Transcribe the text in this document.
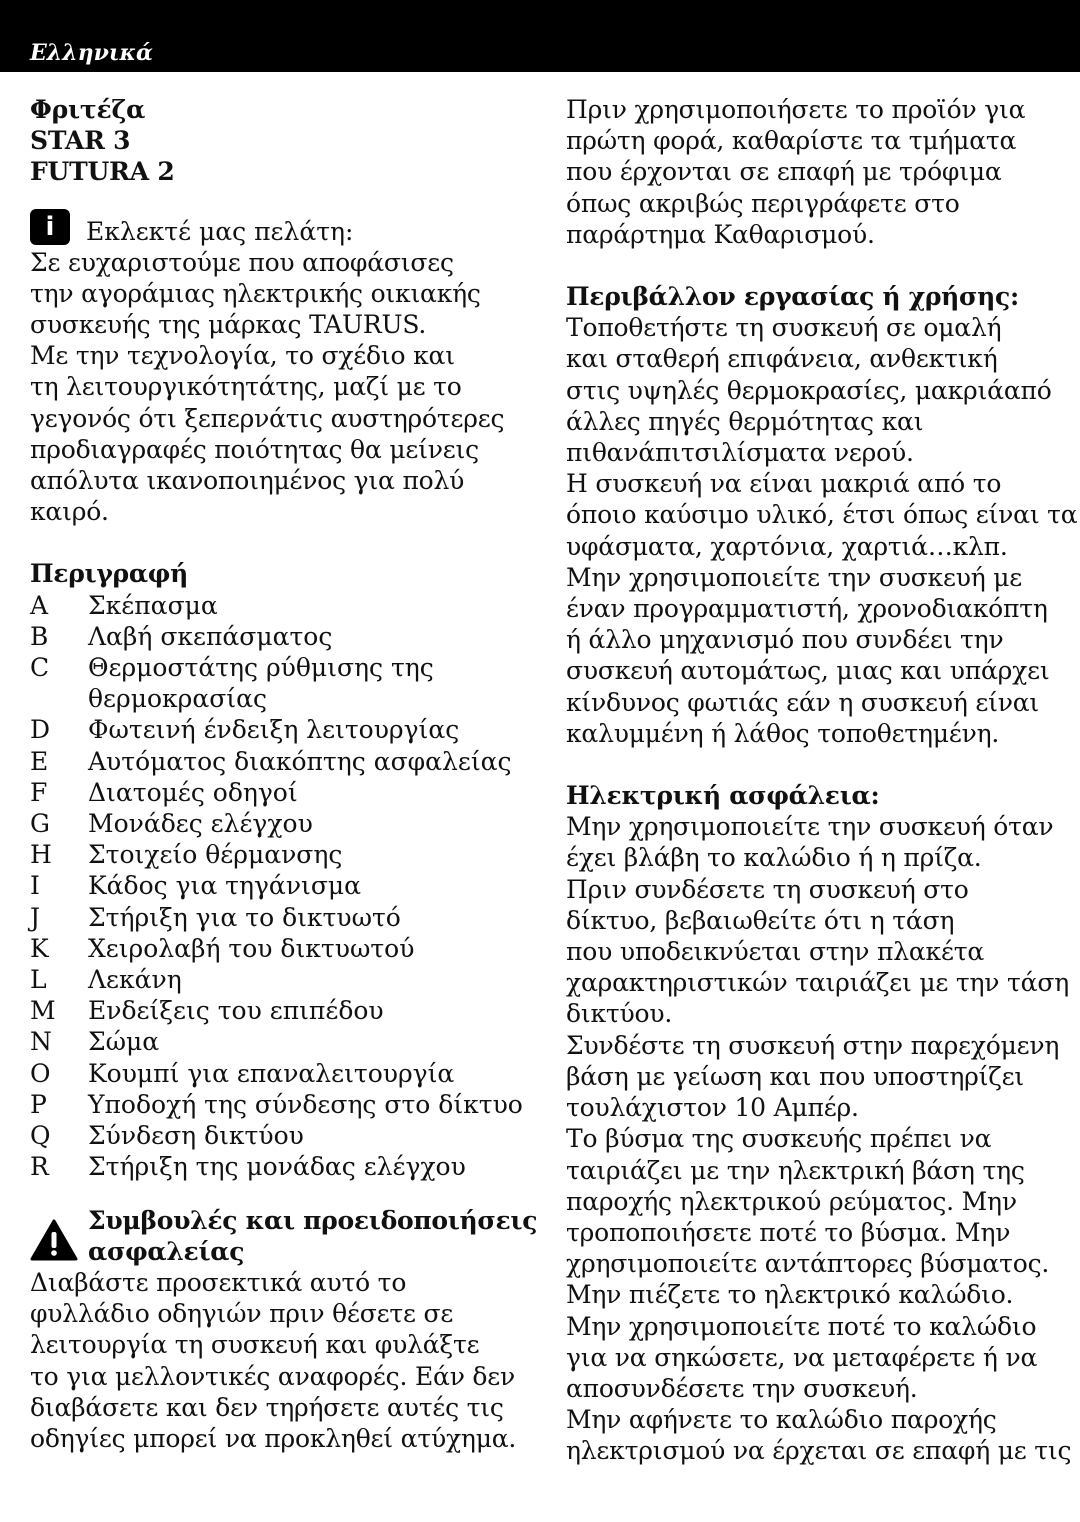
Ελληνικά
Φριτέζα
STAR 3
FUTURA 2
i	Εκλεκτέ μας πελάτη:
Σε ευχαριστούμε που αποφάσισες
την αγοράμιας ηλεκτρικής οικιακής
συσκευής της μάρκας TAURUS.
Με την τεχνολογία, το σχέδιο και
τη λειτουργικότητάτης, μαζί με το
γεγονός ότι ξεπερνάτις αυστηρότερες
προδιαγραφές ποιότητας θα μείνεις
απόλυτα ικανοποιημένος για πολύ
καιρό.
Περιγραφή
A	Σκέπασμα
B	Λαβή σκεπάσματος
C	Θερμοστάτης ρύθμισης της
θερμοκρασίας
D	Φωτεινή ένδειξη λειτουργίας
E	Αυτόματος διακόπτης ασφαλείας
F	Διατομές οδηγοί
G	Μονάδες ελέγχου
H	Στοιχείο θέρμανσης
I	Κάδος για τηγάνισμα
J	Στήριξη για το δικτυωτό
K	Χειρολαβή του δικτυωτού
L	Λεκάνη
M	Ενδείξεις του επιπέδου
N	Σώμα
O	Κουμπί για επαναλειτουργία
P	Υποδοχή της σύνδεσης στο δίκτυο
Q	Σύνδεση δικτύου
R	Στήριξη της μονάδας ελέγχου
Συμβουλές και προειδοποιήσεις
ασφαλείας
Διαβάστε προσεκτικά αυτό το
φυλλάδιο οδηγιών πριν θέσετε σε
λειτουργία τη συσκευή και φυλάξτε
το για μελλοντικές αναφορές. Εάν δεν
διαβάσετε και δεν τηρήσετε αυτές τις
οδηγίες μπορεί να προκληθεί ατύχημα.
Πριν χρησιμοποιήσετε το προϊόν για
πρώτη φορά, καθαρίστε τα τμήματα
που έρχονται σε επαφή με τρόφιμα
όπως ακριβώς περιγράφετε στο
παράρτημα Καθαρισμού.
Περιβάλλον εργασίας ή χρήσης:
Τοποθετήστε τη συσκευή σε ομαλή
και σταθερή επιφάνεια, ανθεκτική
στις υψηλές θερμοκρασίες, μακριάαπό
άλλες πηγές θερμότητας και
πιθανάπιτσιλίσματα νερού.
Η συσκευή να είναι μακριά από το
όποιο καύσιμο υλικό, έτσι όπως είναι τα
υφάσματα, χαρτόνια, χαρτιά…κλπ.
Μην χρησιμοποιείτε την συσκευή με
έναν προγραμματιστή, χρονοδιακόπτη
ή άλλο μηχανισμό που συνδέει την
συσκευή αυτομάτως, μιας και υπάρχει
κίνδυνος φωτιάς εάν η συσκευή είναι
καλυμμένη ή λάθος τοποθετημένη.
Ηλεκτρική ασφάλεια:
Μην χρησιμοποιείτε την συσκευή όταν
έχει βλάβη το καλώδιο ή η πρίζα.
Πριν συνδέσετε τη συσκευή στο
δίκτυο, βεβαιωθείτε ότι η τάση
που υποδεικνύεται στην πλακέτα
χαρακτηριστικών ταιριάζει με την τάση
δικτύου.
Συνδέστε τη συσκευή στην παρεχόμενη
βάση με γείωση και που υποστηρίζει
τουλάχιστον 10 Αμπέρ.
Το βύσμα της συσκευής πρέπει να
ταιριάζει με την ηλεκτρική βάση της
παροχής ηλεκτρικού ρεύματος. Μην
τροποποιήσετε ποτέ το βύσμα. Μην
χρησιμοποιείτε αντάπτορες βύσματος.
Μην πιέζετε το ηλεκτρικό καλώδιο.
Μην χρησιμοποιείτε ποτέ το καλώδιο
για να σηκώσετε, να μεταφέρετε ή να
αποσυνδέσετε την συσκευή.
Μην αφήνετε το καλώδιο παροχής
ηλεκτρισμού να έρχεται σε επαφή με τις
